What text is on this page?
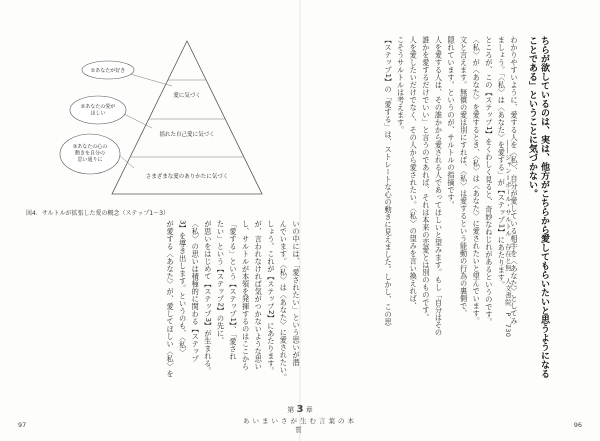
愛に気づく
揺れた自己愛に気づく
さまざまな愛のありかたに気づく
①あなたが好き
②あなたの愛がほしい
③あなたの心の動きを自分の思い通りに
図4．サルトルが拡張した愛の概念（ステップ1〜3）	ちらが欲しているのは、実は、他方がこちらから愛してもらいたいと思うようになる
ことである」ということに気づかない。
――ジャン＝ポール・サルトル　存在と無　人文書院　P．730
わかりやすいように、愛する人を〈私〉、自分が愛している相手を〈あなた〉としてみ
ましょう。「〈私〉は〈あなた〉を愛する」が【ステップ1】にあたります。
ところが、この【ステップ1】をくわしく見ると、奇妙なねじれがあるというのです。
〈私〉が〈あなた〉を愛するとき、〈私〉は〈あなた〉に愛されたいと望んでいます。
文と言えます。無償の愛は別にすれば、〈私〉は愛するという能動の行為の裏側で、
隠れています。というのが、サルトルの指摘です。
人を愛する人は、その誰かから愛される人であってほしいと望みます。もし「自分はその
誰かを愛するだけでいい」と言うのであれば、それは本来の恋愛とは別のものです。
人を愛したいだけでなく、その人から愛されたい。〈私〉の望みを言い換えれば、
こそうサルトルは考えます。
【ステップ1】の「愛する」は、ストレートな心の動きに見えました。しかし、この思
いの中には、「愛されたい」という思いが潜
んでいます。〈私〉は〈あなた〉に愛されたい。
しょう。これが【ステップ2】にあたります。
が、言われなければ気がつかないような思い
し、サルトルが本領を発揮するのはここから
「愛する」という【ステップ1】、「愛され
たい」という【ステップ2】の先に、
が思いをはじめて【ステップ3】が生まれる。
〈私〉の思いは積極的に関わる【ステップ
3】を導き出します。というのも、〈私〉
が愛する〈あなた〉が、愛してほしい〈私〉を
97	96
第 3 章
あいまいさが生む言葉の本質
